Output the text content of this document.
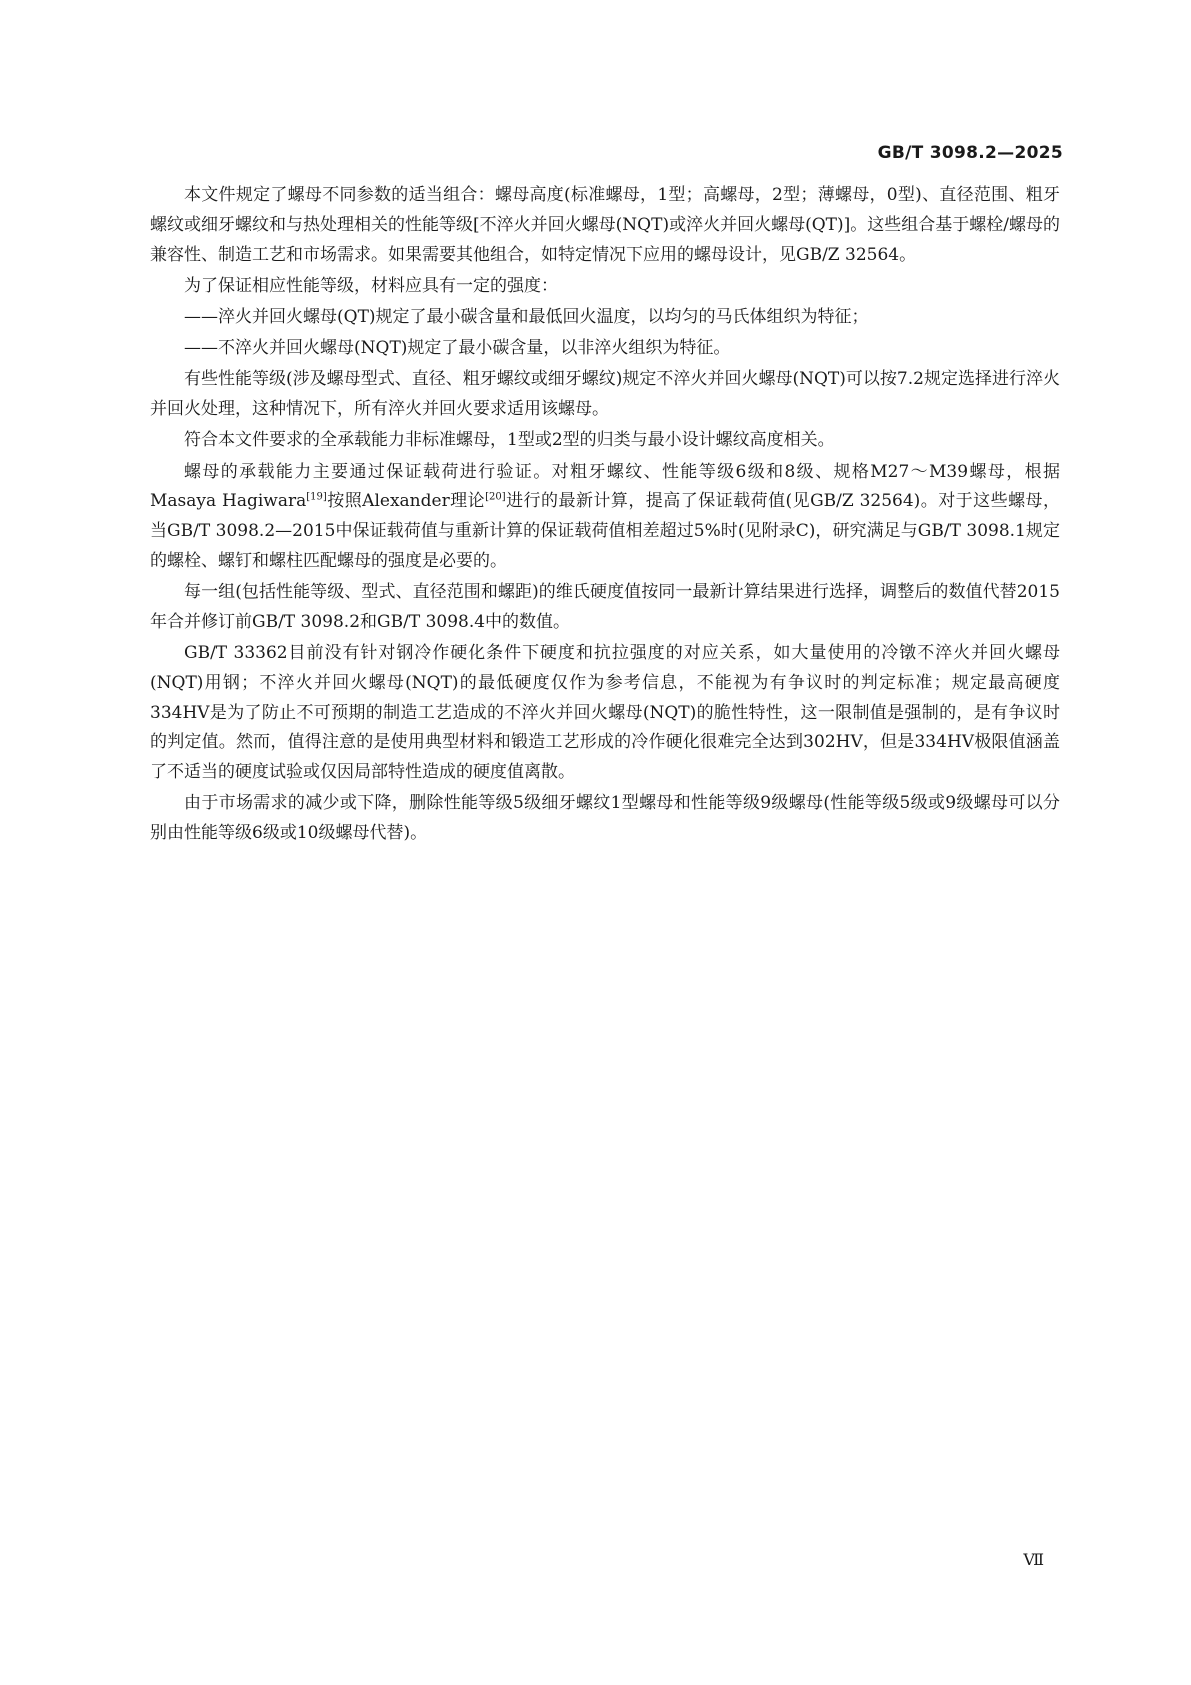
GB/T 3098.2—2025

本文件规定了螺母不同参数的适当组合：螺母高度(标准螺母，1型；高螺母，2型；薄螺母，0型)、直径范围、粗牙螺纹或细牙螺纹和与热处理相关的性能等级[不淬火并回火螺母(NQT)或淬火并回火螺母(QT)]。这些组合基于螺栓/螺母的兼容性、制造工艺和市场需求。如果需要其他组合，如特定情况下应用的螺母设计，见GB/Z 32564。

为了保证相应性能等级，材料应具有一定的强度：

——淬火并回火螺母(QT)规定了最小碳含量和最低回火温度，以均匀的马氏体组织为特征；

——不淬火并回火螺母(NQT)规定了最小碳含量，以非淬火组织为特征。

有些性能等级(涉及螺母型式、直径、粗牙螺纹或细牙螺纹)规定不淬火并回火螺母(NQT)可以按7.2规定选择进行淬火并回火处理，这种情况下，所有淬火并回火要求适用该螺母。

符合本文件要求的全承载能力非标准螺母，1型或2型的归类与最小设计螺纹高度相关。

螺母的承载能力主要通过保证载荷进行验证。对粗牙螺纹、性能等级6级和8级、规格M27～M39螺母，根据Masaya Hagiwara[19]按照Alexander理论[20]进行的最新计算，提高了保证载荷值(见GB/Z 32564)。对于这些螺母，当GB/T 3098.2—2015中保证载荷值与重新计算的保证载荷值相差超过5%时(见附录C)，研究满足与GB/T 3098.1规定的螺栓、螺钉和螺柱匹配螺母的强度是必要的。

每一组(包括性能等级、型式、直径范围和螺距)的维氏硬度值按同一最新计算结果进行选择，调整后的数值代替2015年合并修订前GB/T 3098.2和GB/T 3098.4中的数值。

GB/T 33362目前没有针对钢冷作硬化条件下硬度和抗拉强度的对应关系，如大量使用的冷镦不淬火并回火螺母(NQT)用钢；不淬火并回火螺母(NQT)的最低硬度仅作为参考信息，不能视为有争议时的判定标准；规定最高硬度334HV是为了防止不可预期的制造工艺造成的不淬火并回火螺母(NQT)的脆性特性，这一限制值是强制的，是有争议时的判定值。然而，值得注意的是使用典型材料和锻造工艺形成的冷作硬化很难完全达到302HV，但是334HV极限值涵盖了不适当的硬度试验或仅因局部特性造成的硬度值离散。

由于市场需求的减少或下降，删除性能等级5级细牙螺纹1型螺母和性能等级9级螺母(性能等级5级或9级螺母可以分别由性能等级6级或10级螺母代替)。

Ⅶ
